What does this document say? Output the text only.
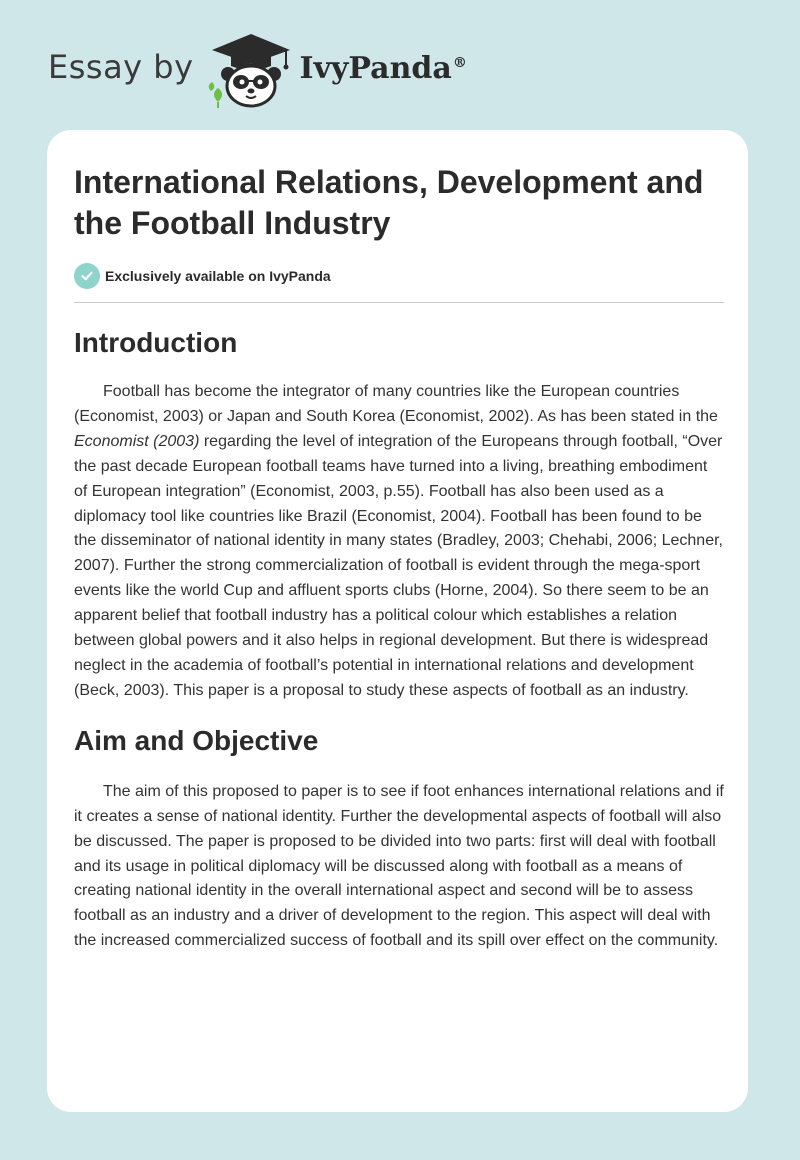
Essay by	IvyPanda®
International Relations, Development and the Football Industry
Exclusively available on IvyPanda
Introduction

Football has become the integrator of many countries like the European countries (Economist, 2003) or Japan and South Korea (Economist, 2002). As has been stated in the Economist (2003) regarding the level of integration of the Europeans through football, “Over the past decade European football teams have turned into a living, breathing embodiment of European integration” (Economist, 2003, p.55). Football has also been used as a diplomacy tool like countries like Brazil (Economist, 2004). Football has been found to be the disseminator of national identity in many states (Bradley, 2003; Chehabi, 2006; Lechner, 2007). Further the strong commercialization of football is evident through the mega-sport events like the world Cup and affluent sports clubs (Horne, 2004). So there seem to be an apparent belief that football industry has a political colour which establishes a relation between global powers and it also helps in regional development. But there is widespread neglect in the academia of football’s potential in international relations and development (Beck, 2003). This paper is a proposal to study these aspects of football as an industry.

Aim and Objective

The aim of this proposed to paper is to see if foot enhances international relations and if it creates a sense of national identity. Further the developmental aspects of football will also be discussed. The paper is proposed to be divided into two parts: first will deal with football and its usage in political diplomacy will be discussed along with football as a means of creating national identity in the overall international aspect and second will be to assess football as an industry and a driver of development to the region. This aspect will deal with the increased commercialized success of football and its spill over effect on the community.
